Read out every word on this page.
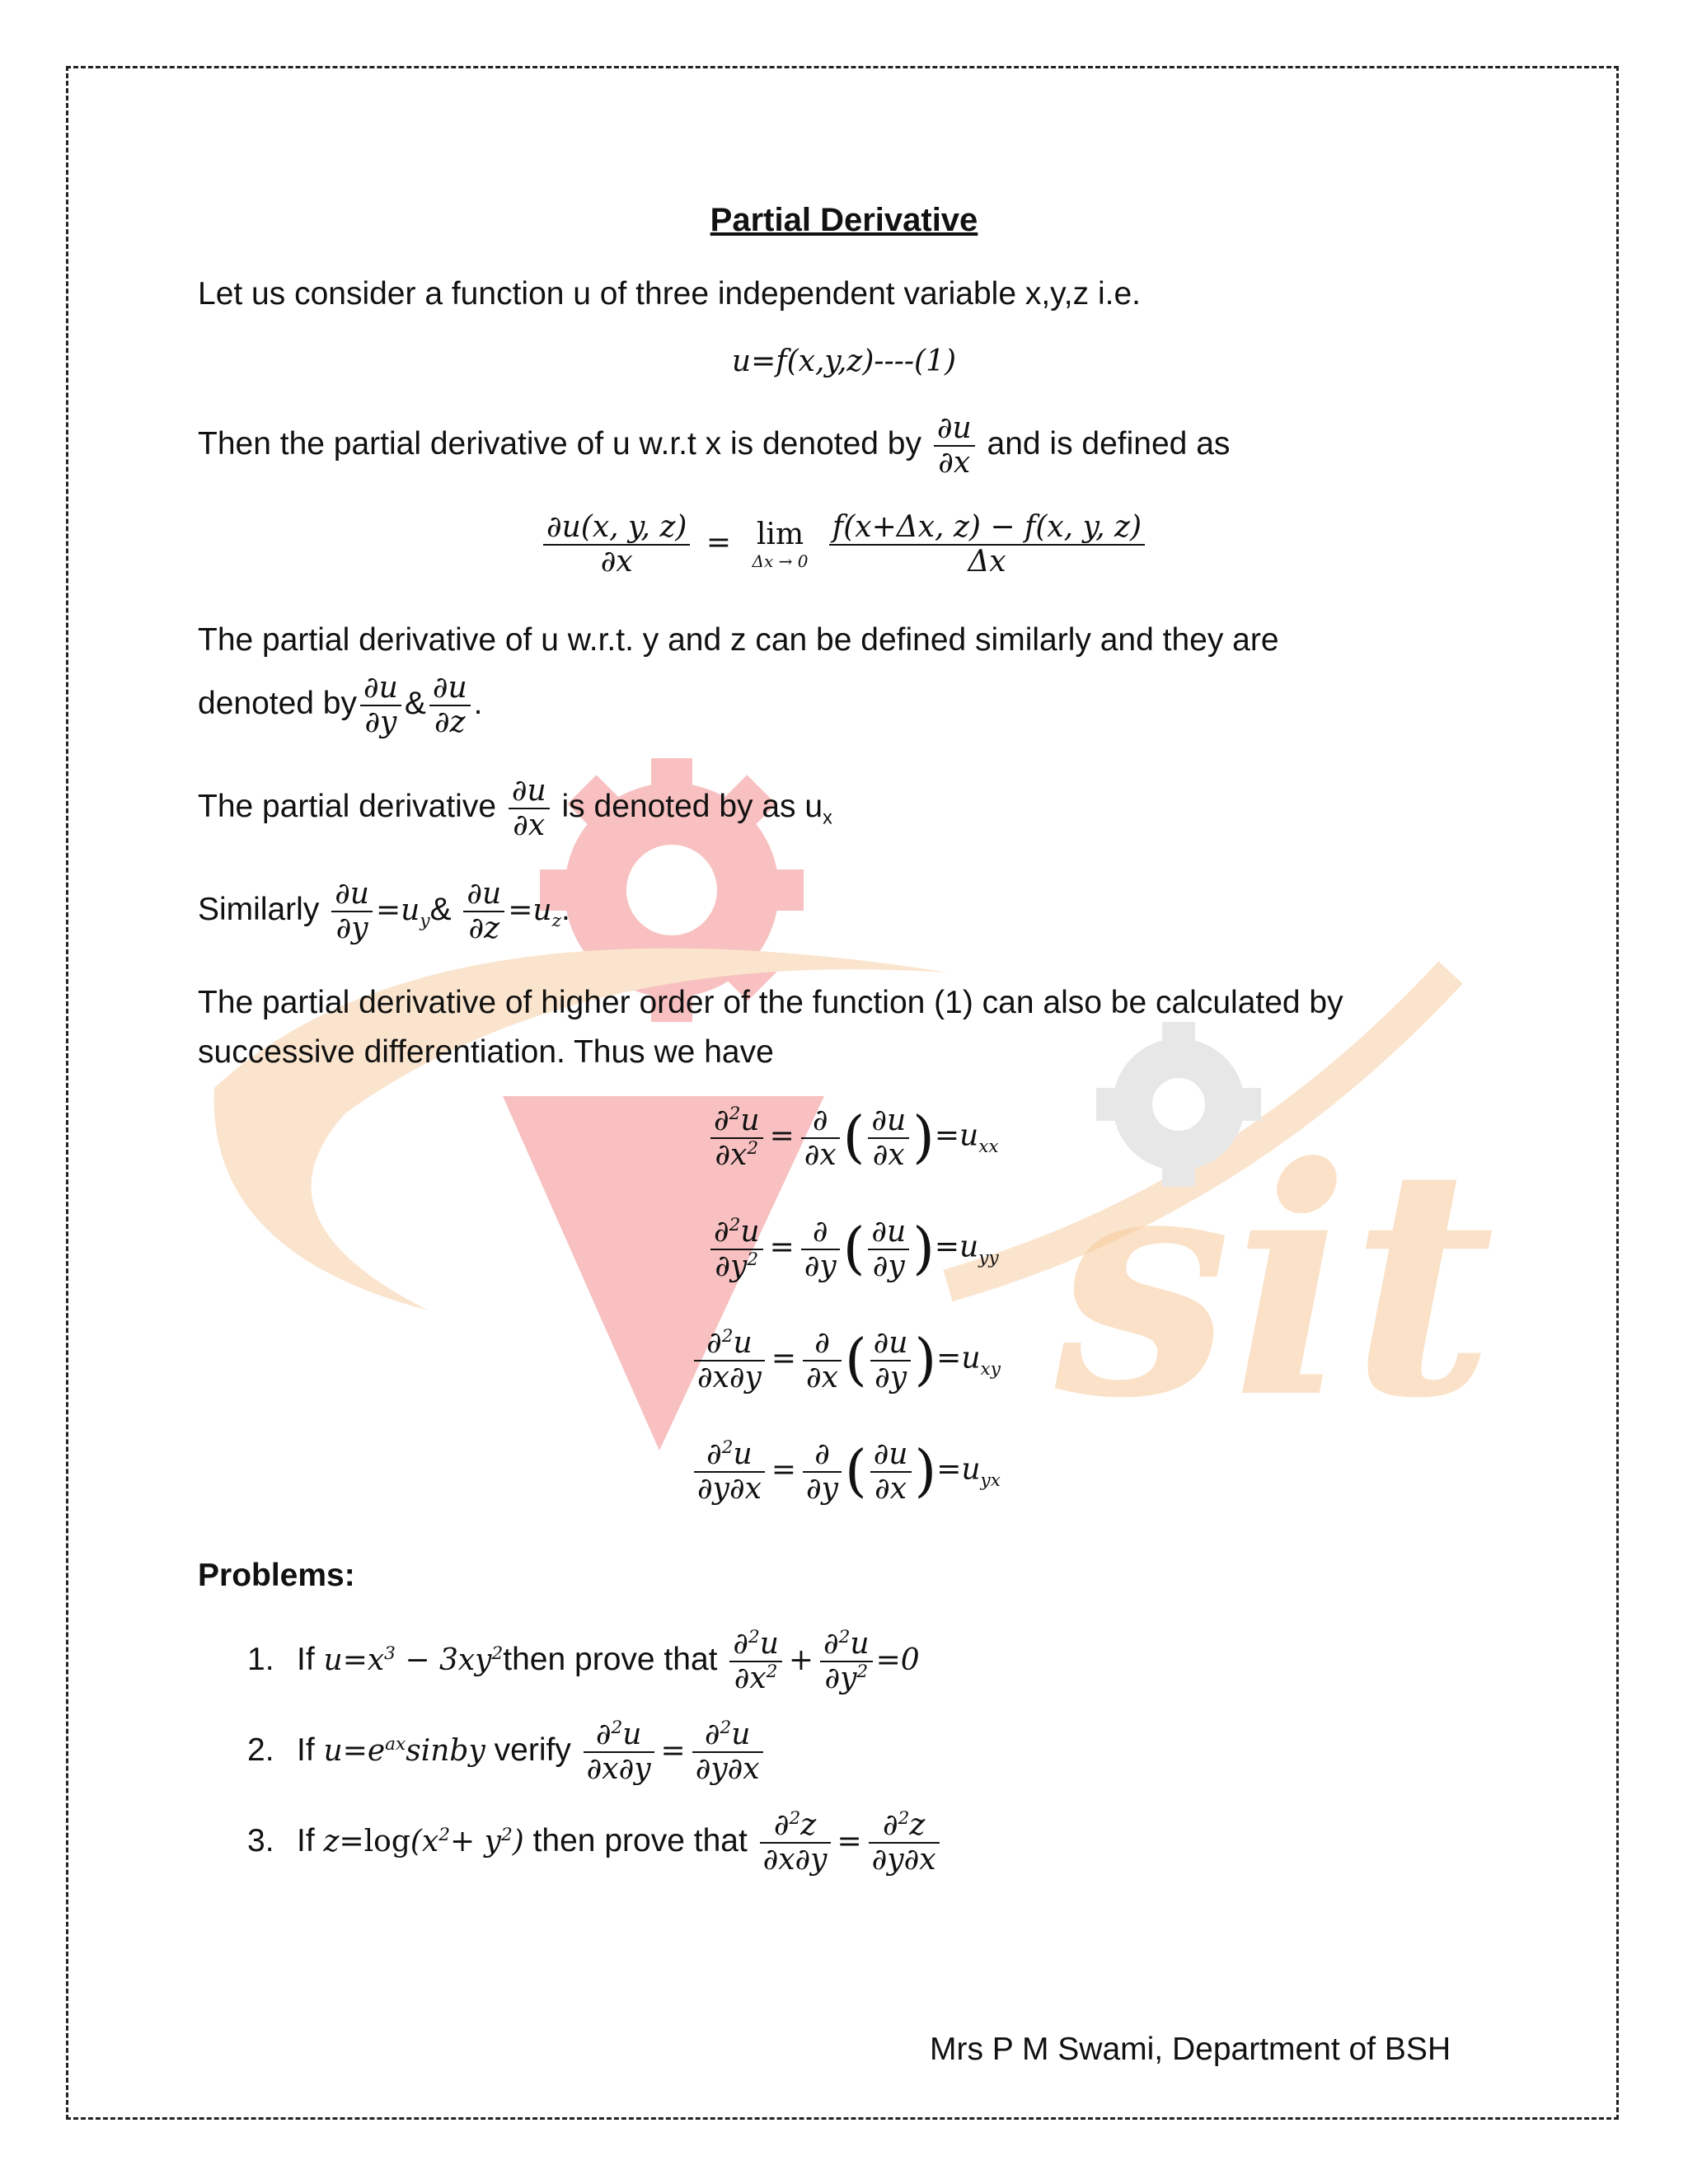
sit
Partial Derivative
Let us consider a function u of three independent variable x,y,z i.e.
u=f(x,y,z)----(1)
Then the partial derivative of u w.r.t x is denoted by $\frac{\partial u}{\partial x}$ and is defined as
$\frac{\partial u(x, y, z)}{\partial x} = \lim$
Δx → 0
$\frac{f(x+\Delta x, z) - f(x, y, z)}{\Delta x}$
The partial derivative of u w.r.t. y and z can be defined similarly and they are
denoted by $\frac{\partial u}{\partial y}$ & $\frac{\partial u}{\partial z}$ .
The partial derivative $\frac{\partial u}{\partial x}$ is denoted by as $u_x$
Similarly $\frac{\partial u}{\partial y}$ $=u_y\& \frac{\partial u}{\partial z} =u_z$.
The partial derivative of higher order of the function (1) can also be calculated by
successive differentiation. Thus we have
$\frac{\partial^2u}{\partial x^2} = \frac{\partial}{\partial x}$ ( $\frac{\partial u}{\partial x} )=u_{xx}$
$\frac{\partial^2u}{\partial y^2} = \frac{\partial}{\partial y}$ ( $\frac{\partial u}{\partial y} )=u_{yy}$
$\frac{\partial^2u}{\partial x\partial y} = \frac{\partial}{\partial x}$ ( $\frac{\partial u}{\partial y} )=u_{xy}$
$\frac{\partial^2u}{\partial y\partial x} = \frac{\partial}{\partial y}$ ( $\frac{\partial u}{\partial x} )=u_{yx}$
Problems:
1. If $u=x^3$ − $3xy^2then$ prove that $\frac{\partial^2u}{\partial x^2} + \frac{\partial^2u}{\partial y^2} =0$
2. If $u=e^{ax}sinby$ verify $\frac{\partial^2u}{\partial x\partial y} = \frac{\partial^2u}{\partial y\partial x}$
3. If $z=\log(x^2+ y^2)$ then prove that $\frac{\partial^2z}{\partial x\partial y} = \frac{\partial^2z}{\partial y\partial x}$
Mrs P M Swami, Department of BSH
